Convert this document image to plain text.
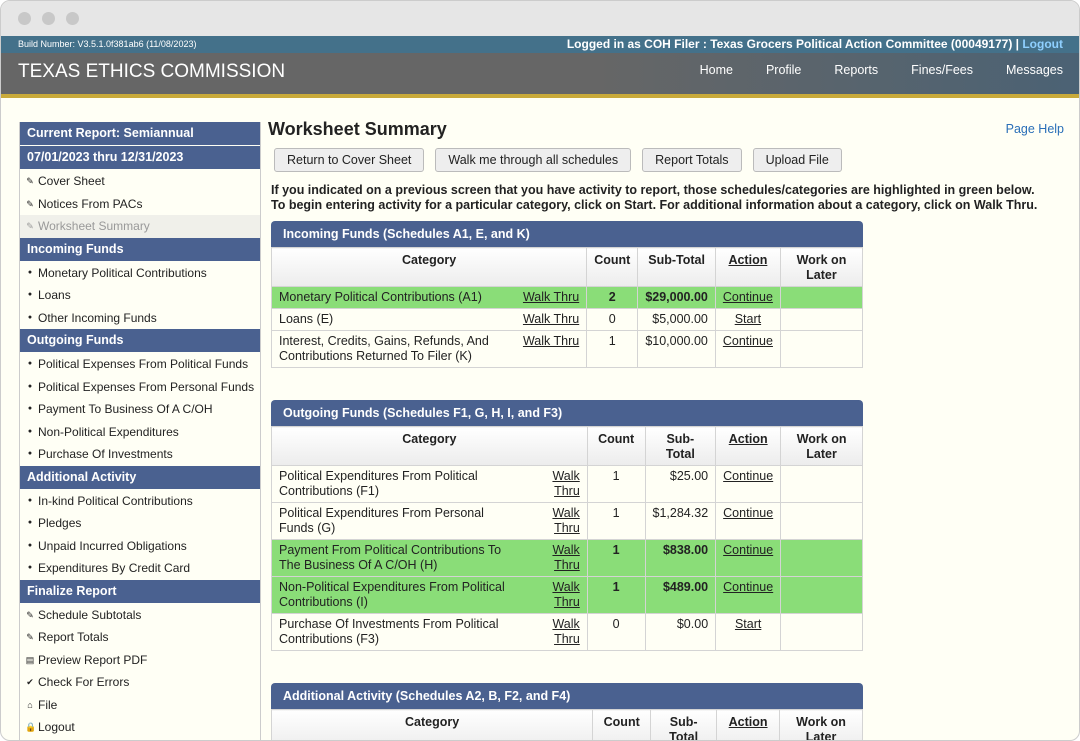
Build Number: V3.5.1.0f381ab6 (11/08/2023)	Logged in as COH Filer : Texas Grocers Political Action Committee (00049177) | Logout
TEXAS ETHICS COMMISSION	Home	Profile	Reports	Fines/Fees	Messages
Current Report: Semiannual
07/01/2023 thru 12/31/2023
✎ Cover Sheet
✎ Notices From PACs
✎ Worksheet Summary
Incoming Funds
● Monetary Political Contributions
● Loans
● Other Incoming Funds
Outgoing Funds
● Political Expenses From Political Funds
● Political Expenses From Personal Funds
● Payment To Business Of A C/OH
● Non-Political Expenditures
● Purchase Of Investments
Additional Activity
● In-kind Political Contributions
● Pledges
● Unpaid Incurred Obligations
● Expenditures By Credit Card
Finalize Report
✎ Schedule Subtotals
✎ Report Totals
▤ Preview Report PDF
✔ Check For Errors
⌂ File
🔒 Logout
Worksheet Summary	Page Help
Return to Cover Sheet	Walk me through all schedules	Report Totals	Upload File
If you indicated on a previous screen that you have activity to report, those schedules/categories are highlighted in green below. To begin entering activity for a particular category, click on Start. For additional information about a category, click on Walk Thru.
Incoming Funds (Schedules A1, E, and K)
Category		Count	Sub-Total	Action	Work on Later
Monetary Political Contributions (A1)	Walk Thru	2	$29,000.00	Continue	
Loans (E)	Walk Thru	0	$5,000.00	Start	
Interest, Credits, Gains, Refunds, And Contributions Returned To Filer (K)	Walk Thru	1	$10,000.00	Continue	
Outgoing Funds (Schedules F1, G, H, I, and F3)
Category		Count	Sub-Total	Action	Work on Later
Political Expenditures From Political Contributions (F1)	Walk Thru	1	$25.00	Continue	
Political Expenditures From Personal Funds (G)	Walk Thru	1	$1,284.32	Continue	
Payment From Political Contributions To The Business Of A C/OH (H)	Walk Thru	1	$838.00	Continue	
Non-Political Expenditures From Political Contributions (I)	Walk Thru	1	$489.00	Continue	
Purchase Of Investments From Political Contributions (F3)	Walk Thru	0	$0.00	Start	
Additional Activity (Schedules A2, B, F2, and F4)
Category	Count	Sub-Total	Action	Work on Later
